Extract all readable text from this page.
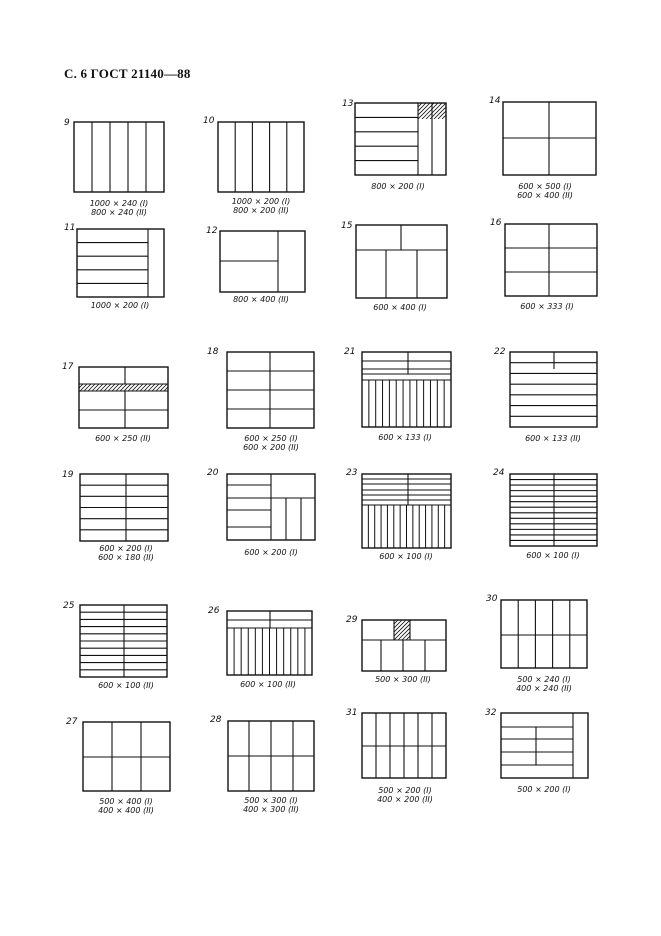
С. 6 ГОСТ 21140—88
9
1000 × 240 (I)
800 × 240 (II)
10
1000 × 200 (I)
800 × 200 (II)
13
800 × 200 (I)
14
600 × 500 (I)
600 × 400 (II)
11
1000 × 200 (I)
12
800 × 400 (II)
15
600 × 400 (I)
16
600 × 333 (I)
17
600 × 250 (II)
18
600 × 250 (I)
600 × 200 (II)
21
600 × 133 (I)
22
600 × 133 (II)
19
600 × 200 (I)
600 × 180 (II)
20
600 × 200 (I)
23
600 × 100 (I)
24
600 × 100 (I)
25
600 × 100 (II)
26
600 × 100 (II)
29
500 × 300 (II)
30
500 × 240 (I)
400 × 240 (II)
27
500 × 400 (I)
400 × 400 (II)
28
500 × 300 (I)
400 × 300 (II)
31
500 × 200 (I)
400 × 200 (II)
32
500 × 200 (I)
